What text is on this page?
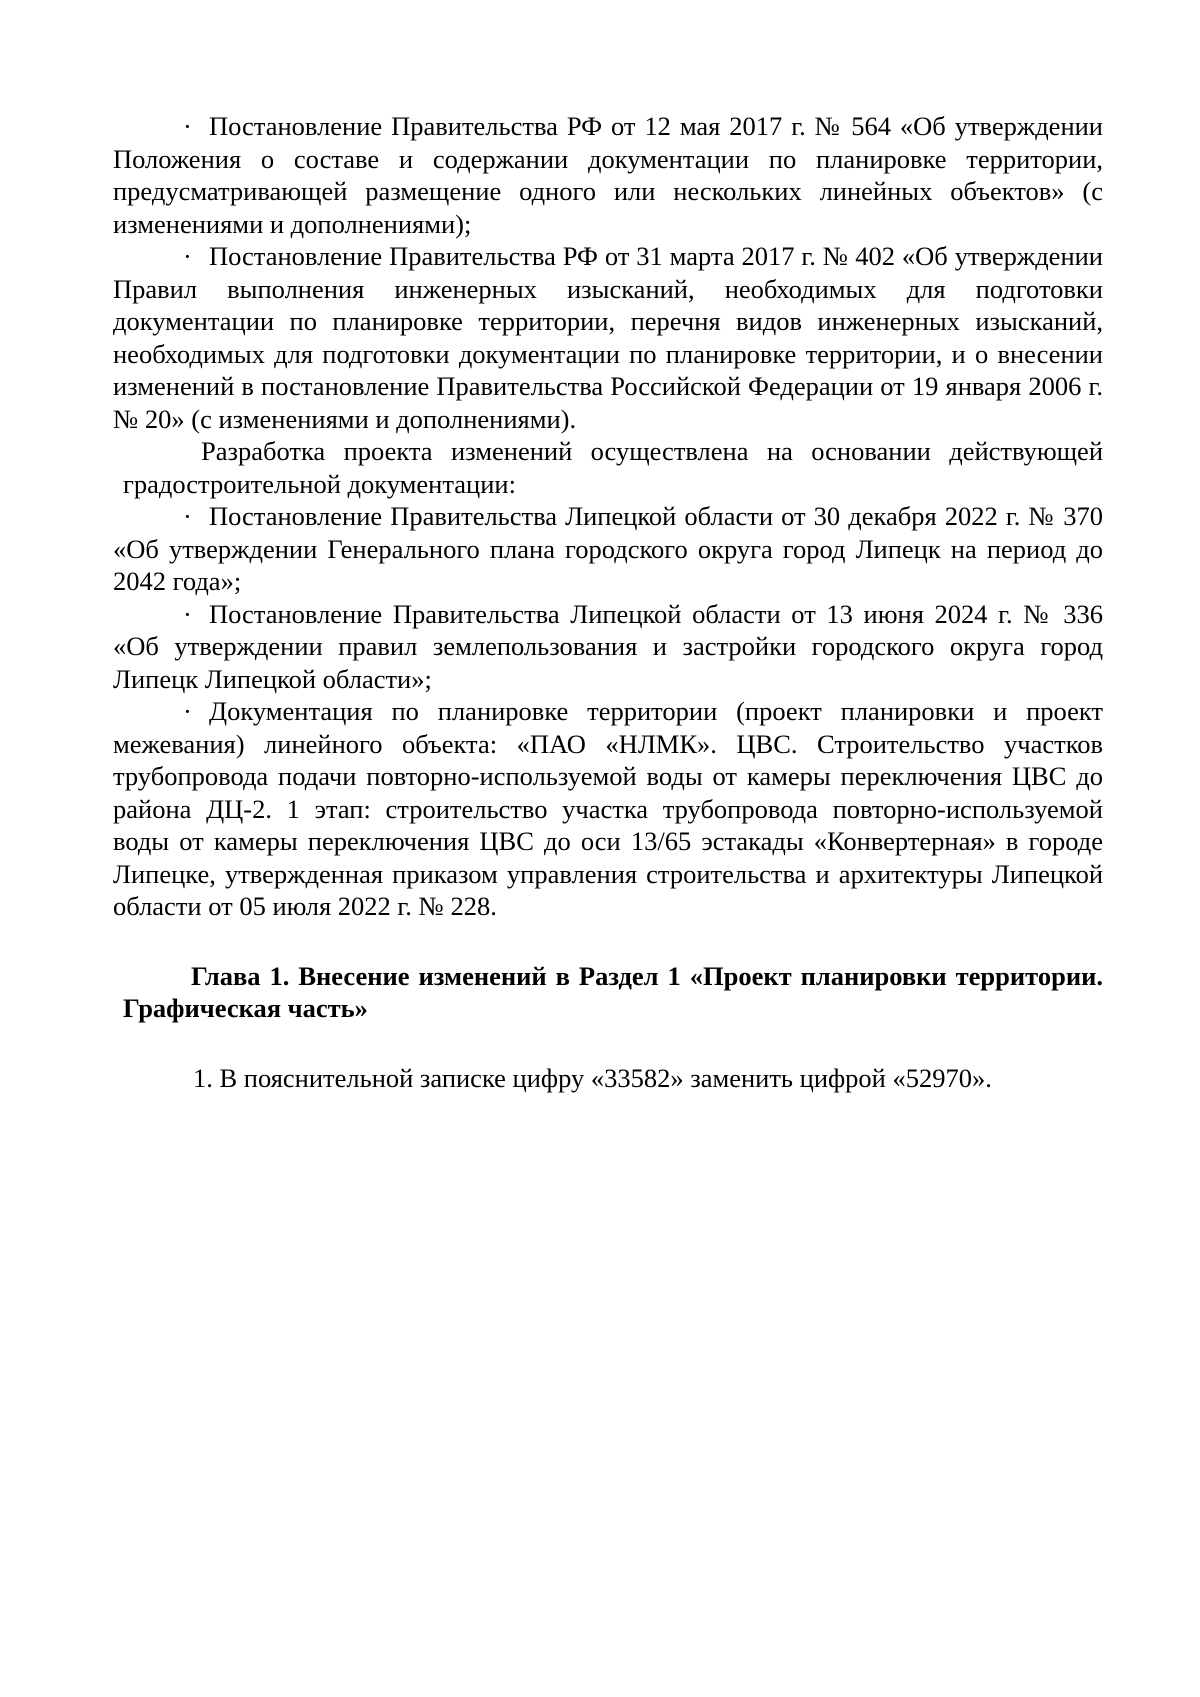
· Постановление Правительства РФ от 12 мая 2017 г. № 564 «Об утверждении Положения о составе и содержании документации по планировке территории, предусматривающей размещение одного или нескольких линейных объектов» (с изменениями и дополнениями);

· Постановление Правительства РФ от 31 марта 2017 г. № 402 «Об утверждении Правил выполнения инженерных изысканий, необходимых для подготовки документации по планировке территории, перечня видов инженерных изысканий, необходимых для подготовки документации по планировке территории, и о внесении изменений в постановление Правительства Российской Федерации от 19 января 2006 г. № 20» (с изменениями и дополнениями).

Разработка проекта изменений осуществлена на основании действующей градостроительной документации:

· Постановление Правительства Липецкой области от 30 декабря 2022 г. № 370 «Об утверждении Генерального плана городского округа город Липецк на период до 2042 года»;

· Постановление Правительства Липецкой области от 13 июня 2024 г. № 336 «Об утверждении правил землепользования и застройки городского округа город Липецк Липецкой области»;

· Документация по планировке территории (проект планировки и проект межевания) линейного объекта: «ПАО «НЛМК». ЦВС. Строительство участков трубопровода подачи повторно-используемой воды от камеры переключения ЦВС до района ДЦ-2. 1 этап: строительство участка трубопровода повторно-используемой воды от камеры переключения ЦВС до оси 13/65 эстакады «Конвертерная» в городе Липецке, утвержденная приказом управления строительства и архитектуры Липецкой области от 05 июля 2022 г. № 228.

Глава 1. Внесение изменений в Раздел 1 «Проект планировки территории. Графическая часть»

1. В пояснительной записке цифру «33582» заменить цифрой «52970».
